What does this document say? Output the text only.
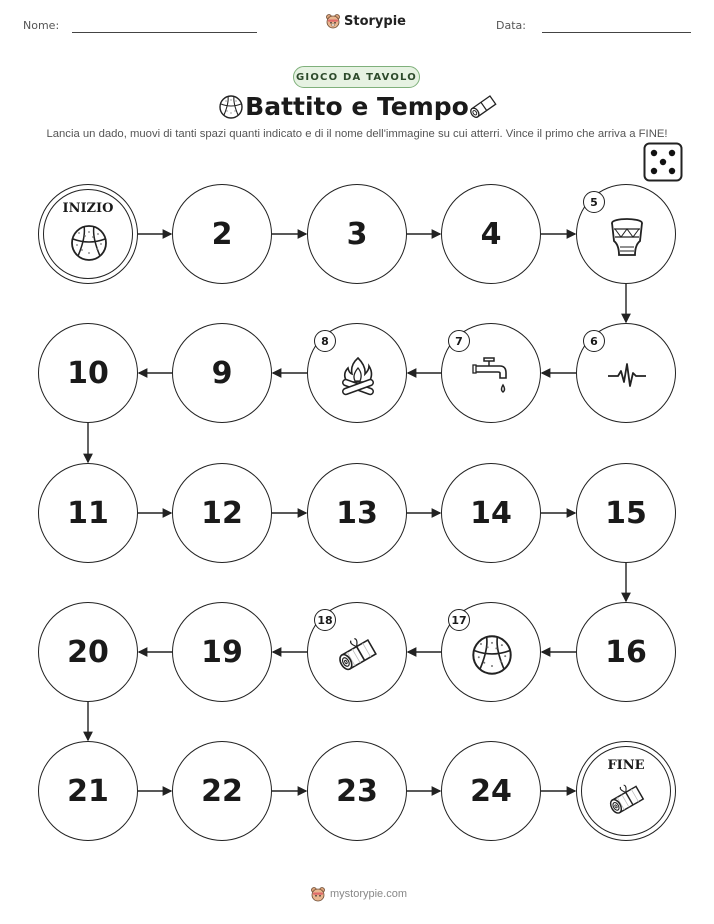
Nome:	Storypie	Data:
GIOCO DA TAVOLO
Battito e Tempo
Lancia un dado, muovi di tanti spazi quanti indicato e di il nome dell'immagine su cui atterri. Vince il primo che arriva a FINE!
INIZIO
2	3	4
5
6
7
8
9
10
11	12	13	14	15
16
17
18
19
20
21	22	23	24
FINE
mystorypie.com
